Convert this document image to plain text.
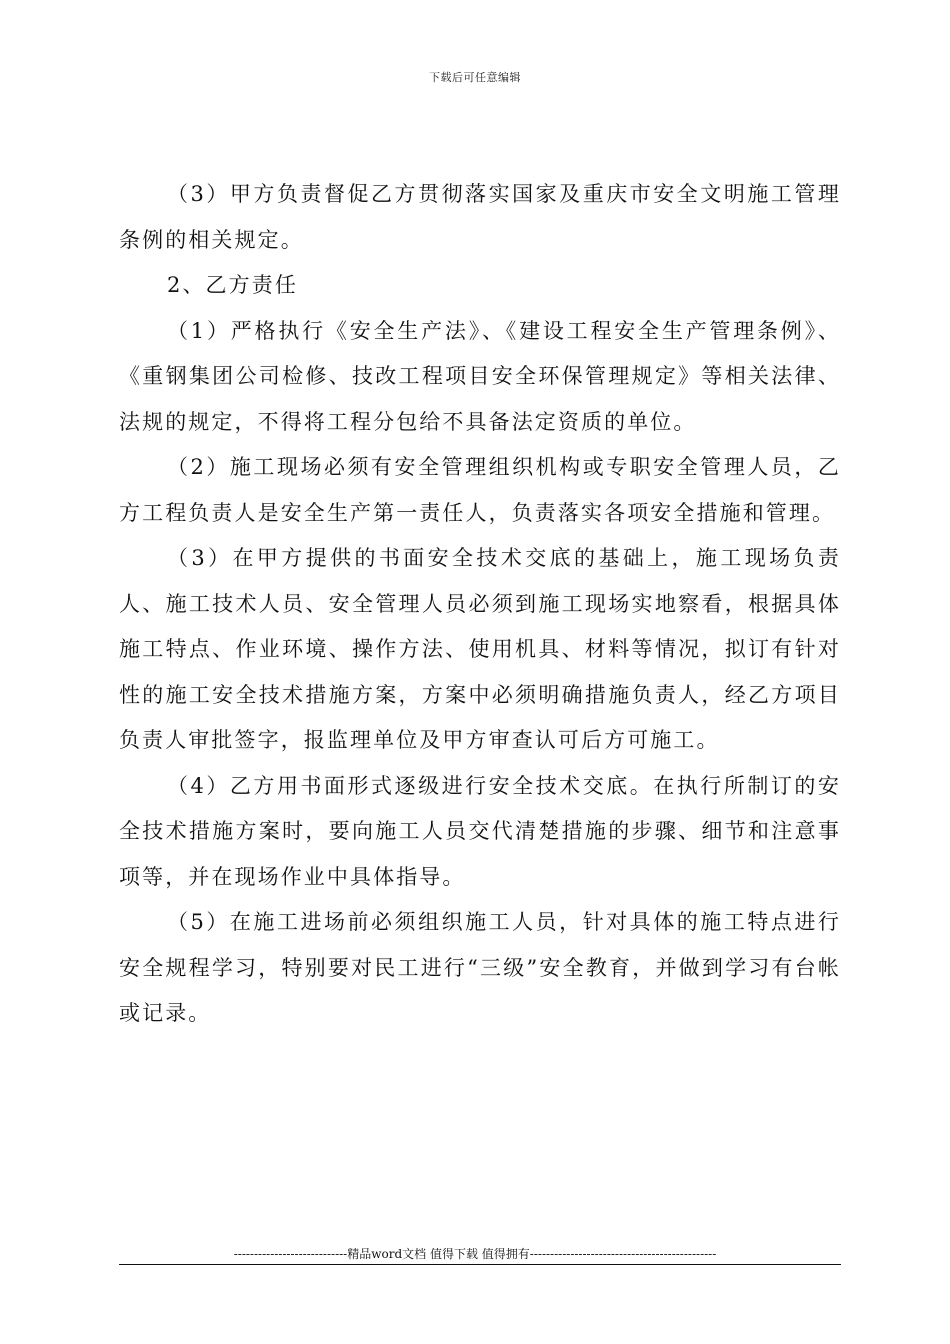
下载后可任意编辑

（3）甲方负责督促乙方贯彻落实国家及重庆市安全文明施工管理条例的相关规定。

2、乙方责任

（1）严格执行《安全生产法》、《建设工程安全生产管理条例》、《重钢集团公司检修、技改工程项目安全环保管理规定》等相关法律、法规的规定，不得将工程分包给不具备法定资质的单位。

（2）施工现场必须有安全管理组织机构或专职安全管理人员，乙方工程负责人是安全生产第一责任人，负责落实各项安全措施和管理。

（3）在甲方提供的书面安全技术交底的基础上，施工现场负责人、施工技术人员、安全管理人员必须到施工现场实地察看，根据具体施工特点、作业环境、操作方法、使用机具、材料等情况，拟订有针对性的施工安全技术措施方案，方案中必须明确措施负责人，经乙方项目负责人审批签字，报监理单位及甲方审查认可后方可施工。

（4）乙方用书面形式逐级进行安全技术交底。在执行所制订的安全技术措施方案时，要向施工人员交代清楚措施的步骤、细节和注意事项等，并在现场作业中具体指导。

（5）在施工进场前必须组织施工人员，针对具体的施工特点进行安全规程学习，特别要对民工进行“三级”安全教育，并做到学习有台帐或记录。

----------------------------精品word文档 值得下载 值得拥有----------------------------------------------
